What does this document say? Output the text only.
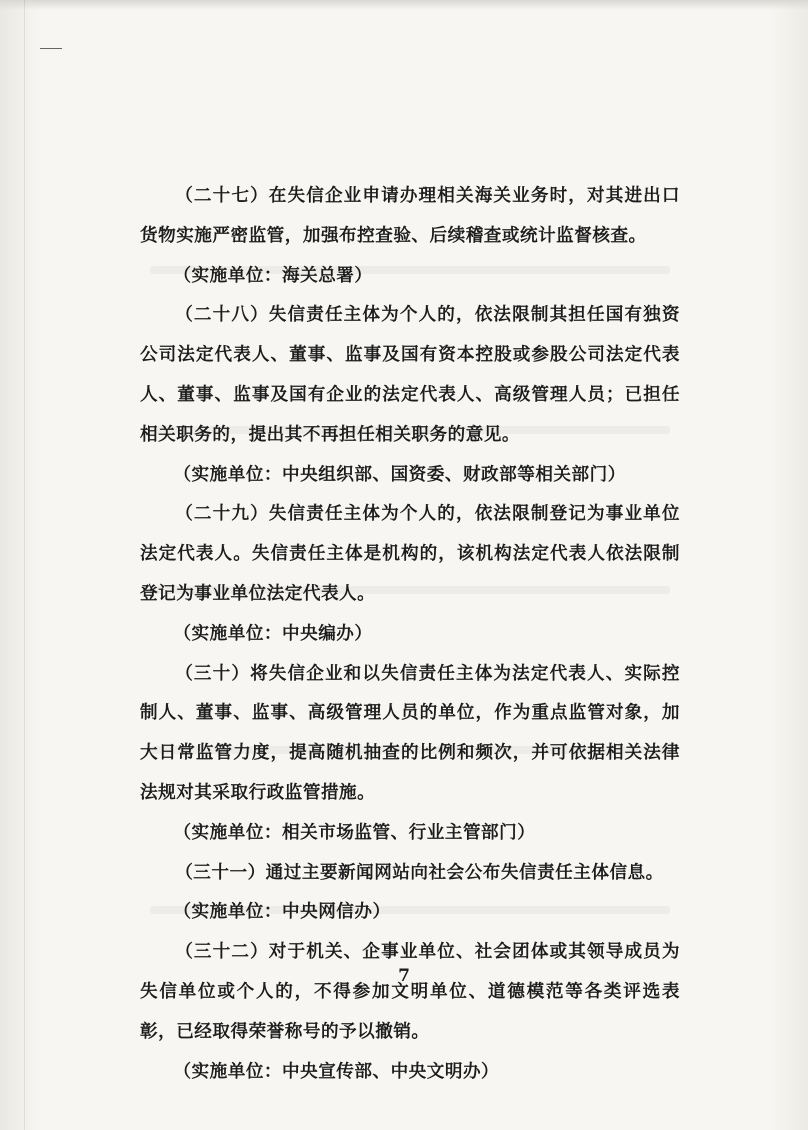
（二十七）在失信企业申请办理相关海关业务时，对其进出口货物实施严密监管，加强布控查验、后续稽查或统计监督核查。

（实施单位：海关总署）

（二十八）失信责任主体为个人的，依法限制其担任国有独资公司法定代表人、董事、监事及国有资本控股或参股公司法定代表人、董事、监事及国有企业的法定代表人、高级管理人员；已担任相关职务的，提出其不再担任相关职务的意见。

（实施单位：中央组织部、国资委、财政部等相关部门）

（二十九）失信责任主体为个人的，依法限制登记为事业单位法定代表人。失信责任主体是机构的，该机构法定代表人依法限制登记为事业单位法定代表人。

（实施单位：中央编办）

（三十）将失信企业和以失信责任主体为法定代表人、实际控制人、董事、监事、高级管理人员的单位，作为重点监管对象，加大日常监管力度，提高随机抽查的比例和频次，并可依据相关法律法规对其采取行政监管措施。

（实施单位：相关市场监管、行业主管部门）

（三十一）通过主要新闻网站向社会公布失信责任主体信息。

（实施单位：中央网信办）

（三十二）对于机关、企事业单位、社会团体或其领导成员为失信单位或个人的，不得参加文明单位、道德模范等各类评选表彰，已经取得荣誉称号的予以撤销。

（实施单位：中央宣传部、中央文明办）

7
